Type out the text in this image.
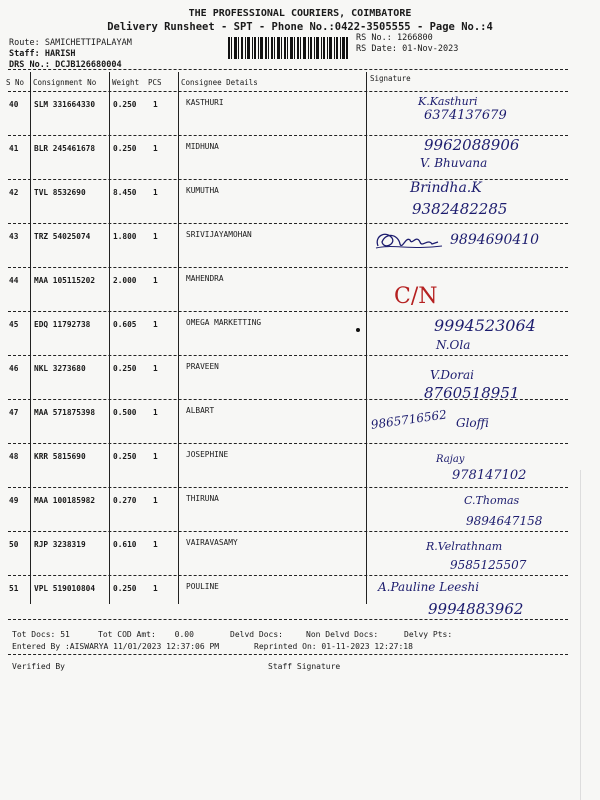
THE PROFESSIONAL COURIERS, COIMBATORE
Delivery Runsheet - SPT - Phone No.:0422-3505555 - Page No.:4
Route: SAMICHETTIPALAYAM
Staff: HARISH
DRS No.: DCJB126680004
RS No.: 1266800
RS Date: 01-Nov-2023
S No Consignment No Weight PCS	Consignee Details	Signature
40 SLM 331664330 0.250 1	KASTHURI	K.Kasthuri
6374137679
41 BLR 245461678 0.250 1	MIDHUNA	9962088906
V. Bhuvana
42 TVL 8532690	8.450 1	KUMUTHA	Brindha.K
9382482285
43 TRZ 54025074	1.800 1	SRIVIJAYAMOHAN	9894690410
44 MAA 105115202 2.000 1	MAHENDRA
C/N
45 EDQ 11792738	0.605 1	OMEGA MARKETTING	9994523064
N.Ola
46 NKL 3273680	0.250 1	PRAVEEN
V.Dorai
8760518951
47 MAA 571875398 0.500 1	ALBART	9865716562 Gloffi
48 KRR 5815690	0.250 1	JOSEPHINE	Rajay
978147102
49 MAA 100185982 0.270 1	THIRUNA	C.Thomas
9894647158
50 RJP 3238319	0.610 1	VAIRAVASAMY	R.Velrathnam
9585125507
51 VPL 519010804 0.250 1	POULINE	A.Pauline Leeshi
9994883962
Tot Docs: 51	Tot COD Amt: 0.00	Delvd Docs:	Non Delvd Docs:	Delvy Pts:
Entered By :AISWARYA 11/01/2023 12:37:06 PM	Reprinted On: 01-11-2023 12:27:18
Verified By	Staff Signature
